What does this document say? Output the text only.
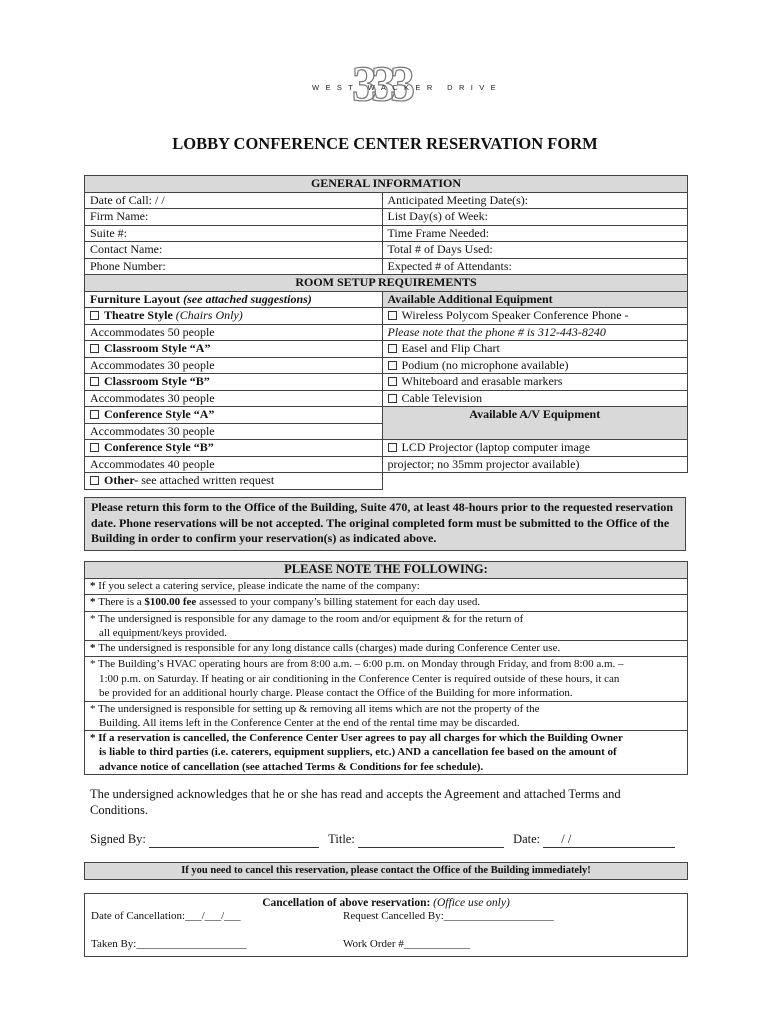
333
WEST WACKER DRIVE
LOBBY CONFERENCE CENTER RESERVATION FORM
GENERAL INFORMATION	
Date of Call: / /	Anticipated Meeting Date(s):
Firm Name:	List Day(s) of Week:
Suite #:	Time Frame Needed:
Contact Name:	Total # of Days Used:
Phone Number:	Expected # of Attendants:
ROOM SETUP REQUIREMENTS	
Furniture Layout (see attached suggestions)	Available Additional Equipment
Theatre Style (Chairs Only)	Wireless Polycom Speaker Conference Phone -
Accommodates 50 people	Please note that the phone # is 312-443-8240
Classroom Style “A”	Easel and Flip Chart
Accommodates 30 people	Podium (no microphone available)
Classroom Style “B”	Whiteboard and erasable markers
Accommodates 30 people	Cable Television
Conference Style “A”	Available A/V Equipment
Accommodates 30 people	
Conference Style “B”	LCD Projector (laptop computer image
Accommodates 40 people	projector; no 35mm projector available)
Other- see attached written request	
Please return this form to the Office of the Building, Suite 470, at least 48-hours prior to the requested reservation date. Phone reservations will be not accepted. The original completed form must be submitted to the Office of the Building in order to confirm your reservation(s) as indicated above.
PLEASE NOTE THE FOLLOWING:
* If you select a catering service, please indicate the name of the company:
* There is a $100.00 fee assessed to your company’s billing statement for each day used.

* The undersigned is responsible for any damage to the room and/or equipment & for the return of
all equipment/keys provided.

* The undersigned is responsible for any long distance calls (charges) made during Conference Center use.

* The Building’s HVAC operating hours are from 8:00 a.m. – 6:00 p.m. on Monday through Friday, and from 8:00 a.m. –
1:00 p.m. on Saturday. If heating or air conditioning in the Conference Center is required outside of these hours, it can
be provided for an additional hourly charge. Please contact the Office of the Building for more information.

* The undersigned is responsible for setting up & removing all items which are not the property of the
Building. All items left in the Conference Center at the end of the rental time may be discarded.

* If a reservation is cancelled, the Conference Center User agrees to pay all charges for which the Building Owner
is liable to third parties (i.e. caterers, equipment suppliers, etc.) AND a cancellation fee based on the amount of
advance notice of cancellation (see attached Terms & Conditions for fee schedule).
The undersigned acknowledges that he or she has read and accepts the Agreement and attached Terms and Conditions.
Signed By:	Title:	Date: / /
If you need to cancel this reservation, please contact the Office of the Building immediately!
Cancellation of above reservation: (Office use only)
Date of Cancellation:___/___/___	Request Cancelled By:____________________
Taken By:____________________	Work Order #____________
